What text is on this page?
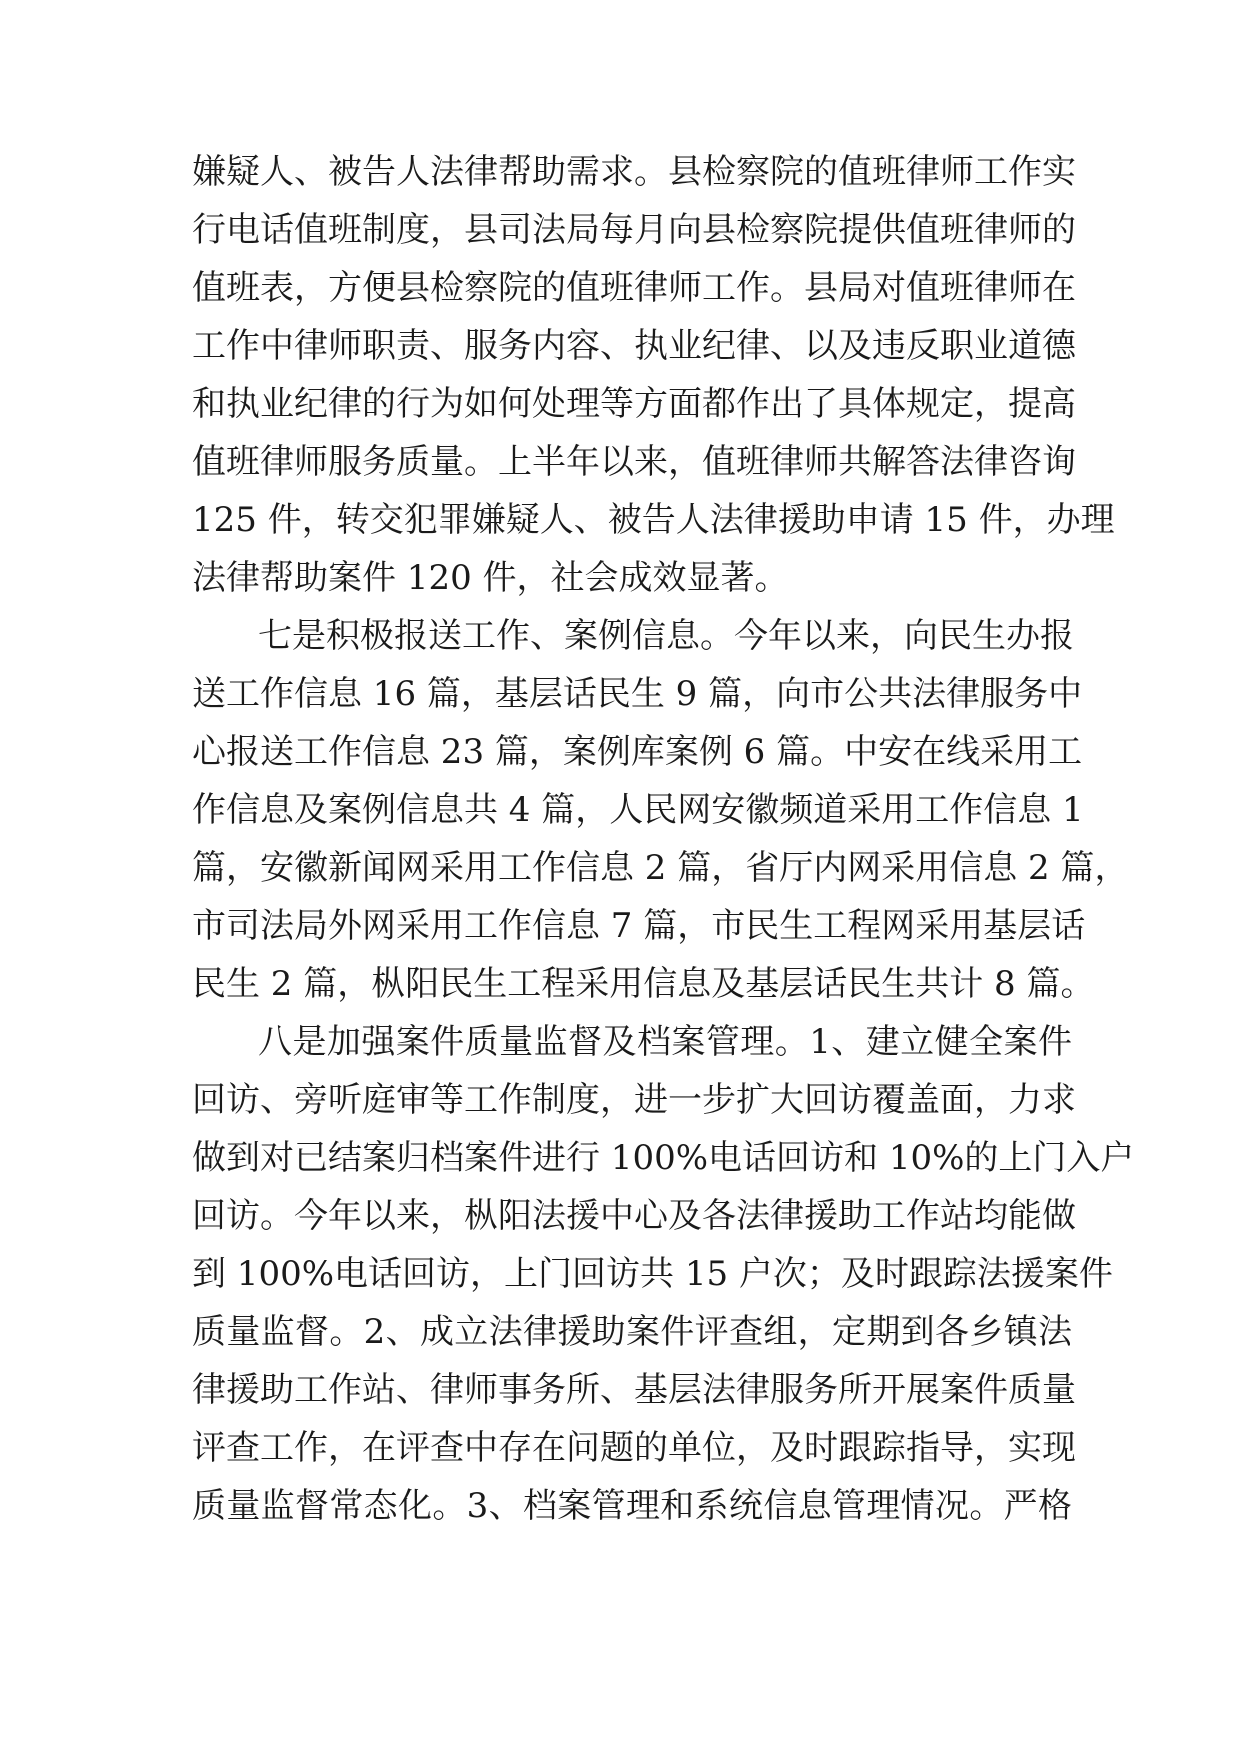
嫌疑人、被告人法律帮助需求。县检察院的值班律师工作实
行电话值班制度，县司法局每月向县检察院提供值班律师的
值班表，方便县检察院的值班律师工作。县局对值班律师在
工作中律师职责、服务内容、执业纪律、以及违反职业道德
和执业纪律的行为如何处理等方面都作出了具体规定，提高
值班律师服务质量。上半年以来，值班律师共解答法律咨询
125 件，转交犯罪嫌疑人、被告人法律援助申请 15 件，办理
法律帮助案件 120 件，社会成效显著。
七是积极报送工作、案例信息。今年以来，向民生办报
送工作信息 16 篇，基层话民生 9 篇，向市公共法律服务中
心报送工作信息 23 篇，案例库案例 6 篇。中安在线采用工
作信息及案例信息共 4 篇，人民网安徽频道采用工作信息 1
篇，安徽新闻网采用工作信息 2 篇，省厅内网采用信息 2 篇，
市司法局外网采用工作信息 7 篇，市民生工程网采用基层话
民生 2 篇，枞阳民生工程采用信息及基层话民生共计 8 篇。
八是加强案件质量监督及档案管理。1、建立健全案件
回访、旁听庭审等工作制度，进一步扩大回访覆盖面，力求
做到对已结案归档案件进行 100%电话回访和 10%的上门入户
回访。今年以来，枞阳法援中心及各法律援助工作站均能做
到 100%电话回访，上门回访共 15 户次；及时跟踪法援案件
质量监督。2、成立法律援助案件评查组，定期到各乡镇法
律援助工作站、律师事务所、基层法律服务所开展案件质量
评查工作，在评查中存在问题的单位，及时跟踪指导，实现
质量监督常态化。3、档案管理和系统信息管理情况。严格
